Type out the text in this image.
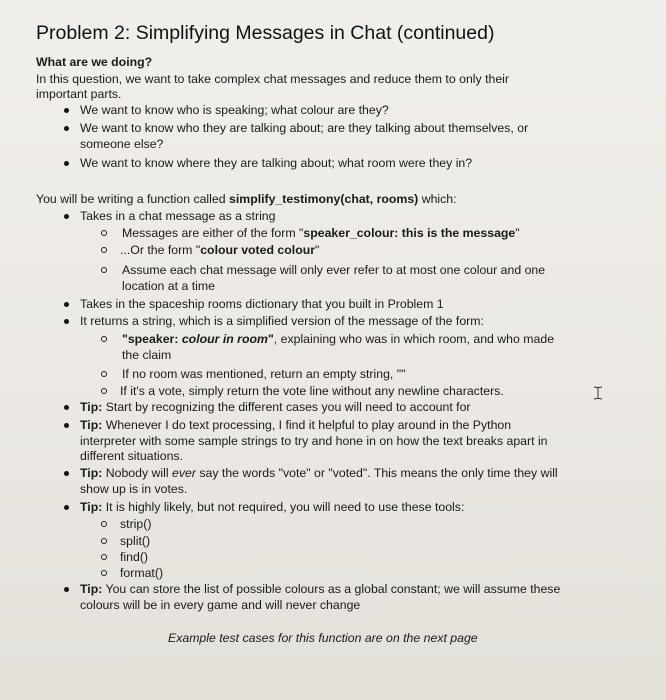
Problem 2: Simplifying Messages in Chat (continued)
What are we doing?
In this question, we want to take complex chat messages and reduce them to only their
important parts.
We want to know who is speaking; what colour are they?
We want to know who they are talking about; are they talking about themselves, or
someone else?
We want to know where they are talking about; what room were they in?
You will be writing a function called simplify_testimony(chat, rooms) which:
Takes in a chat message as a string
Messages are either of the form "speaker_colour: this is the message"
...Or the form "colour voted colour"
Assume each chat message will only ever refer to at most one colour and one
location at a time
Takes in the spaceship rooms dictionary that you built in Problem 1
It returns a string, which is a simplified version of the message of the form:
"speaker: colour in room", explaining who was in which room, and who made
the claim
If no room was mentioned, return an empty string, ""
If it's a vote, simply return the vote line without any newline characters.
Tip: Start by recognizing the different cases you will need to account for
Tip: Whenever I do text processing, I find it helpful to play around in the Python
interpreter with some sample strings to try and hone in on how the text breaks apart in
different situations.
Tip: Nobody will ever say the words "vote" or "voted". This means the only time they will
show up is in votes.
Tip: It is highly likely, but not required, you will need to use these tools:
strip()
split()
find()
format()
Tip: You can store the list of possible colours as a global constant; we will assume these
colours will be in every game and will never change
Example test cases for this function are on the next page
